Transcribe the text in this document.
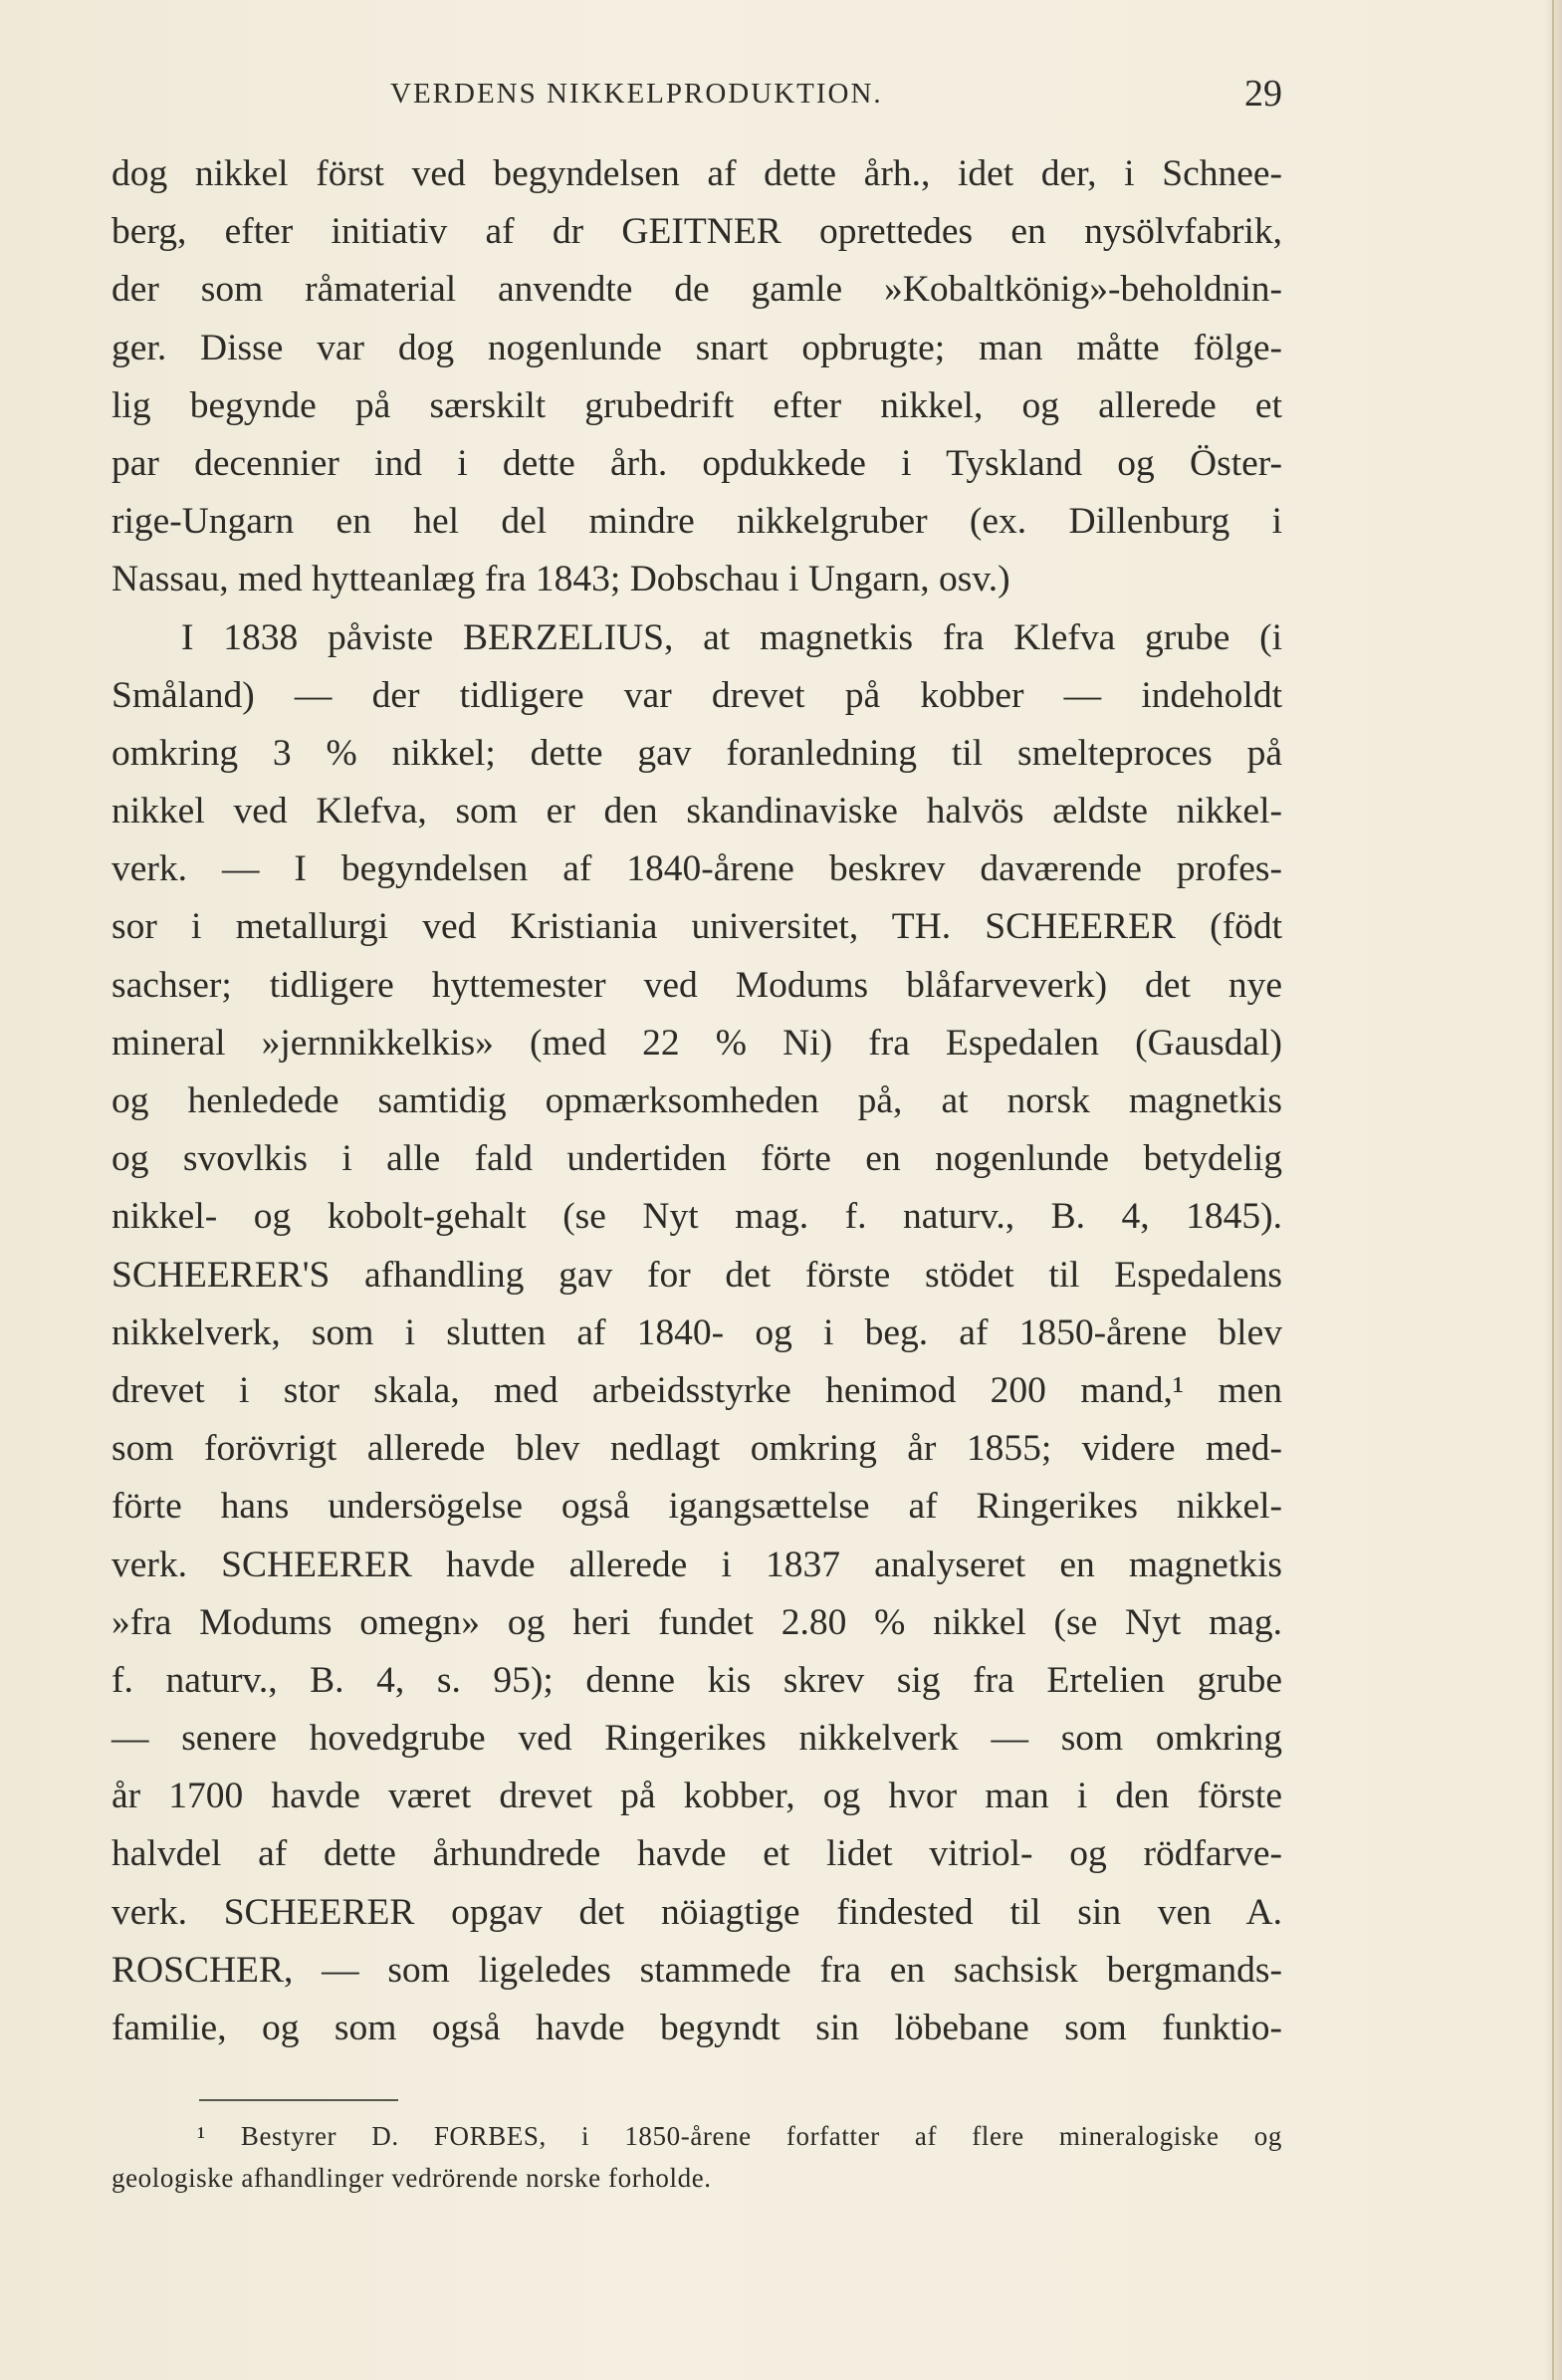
VERDENS NIKKELPRODUKTION.	29
dog nikkel först ved begyndelsen af dette årh., idet der, i Schnee-
berg, efter initiativ af dr GEITNER oprettedes en nysölvfabrik,
der som råmaterial anvendte de gamle »Kobaltkönig»-beholdnin-
ger. Disse var dog nogenlunde snart opbrugte; man måtte fölge-
lig begynde på særskilt grubedrift efter nikkel, og allerede et
par decennier ind i dette årh. opdukkede i Tyskland og Öster-
rige-Ungarn en hel del mindre nikkelgruber (ex. Dillenburg i
Nassau, med hytteanlæg fra 1843; Dobschau i Ungarn, osv.)
I 1838 påviste BERZELIUS, at magnetkis fra Klefva grube (i
Småland) — der tidligere var drevet på kobber — indeholdt
omkring 3 % nikkel; dette gav foranledning til smelteproces på
nikkel ved Klefva, som er den skandinaviske halvös ældste nikkel-
verk. — I begyndelsen af 1840-årene beskrev daværende profes-
sor i metallurgi ved Kristiania universitet, TH. SCHEERER (födt
sachser; tidligere hyttemester ved Modums blåfarveverk) det nye
mineral »jernnikkelkis» (med 22 % Ni) fra Espedalen (Gausdal)
og henledede samtidig opmærksomheden på, at norsk magnetkis
og svovlkis i alle fald undertiden förte en nogenlunde betydelig
nikkel- og kobolt-gehalt (se Nyt mag. f. naturv., B. 4, 1845).
SCHEERER'S afhandling gav for det förste stödet til Espedalens
nikkelverk, som i slutten af 1840- og i beg. af 1850-årene blev
drevet i stor skala, med arbeidsstyrke henimod 200 mand,¹ men
som forövrigt allerede blev nedlagt omkring år 1855; videre med-
förte hans undersögelse også igangsættelse af Ringerikes nikkel-
verk. SCHEERER havde allerede i 1837 analyseret en magnetkis
»fra Modums omegn» og heri fundet 2.80 % nikkel (se Nyt mag.
f. naturv., B. 4, s. 95); denne kis skrev sig fra Ertelien grube
— senere hovedgrube ved Ringerikes nikkelverk — som omkring
år 1700 havde været drevet på kobber, og hvor man i den förste
halvdel af dette århundrede havde et lidet vitriol- og rödfarve-
verk. SCHEERER opgav det nöiagtige findested til sin ven A.
ROSCHER, — som ligeledes stammede fra en sachsisk bergmands-
familie, og som også havde begyndt sin löbebane som funktio-
¹ Bestyrer D. FORBES, i 1850-årene forfatter af flere mineralogiske og
geologiske afhandlinger vedrörende norske forholde.
